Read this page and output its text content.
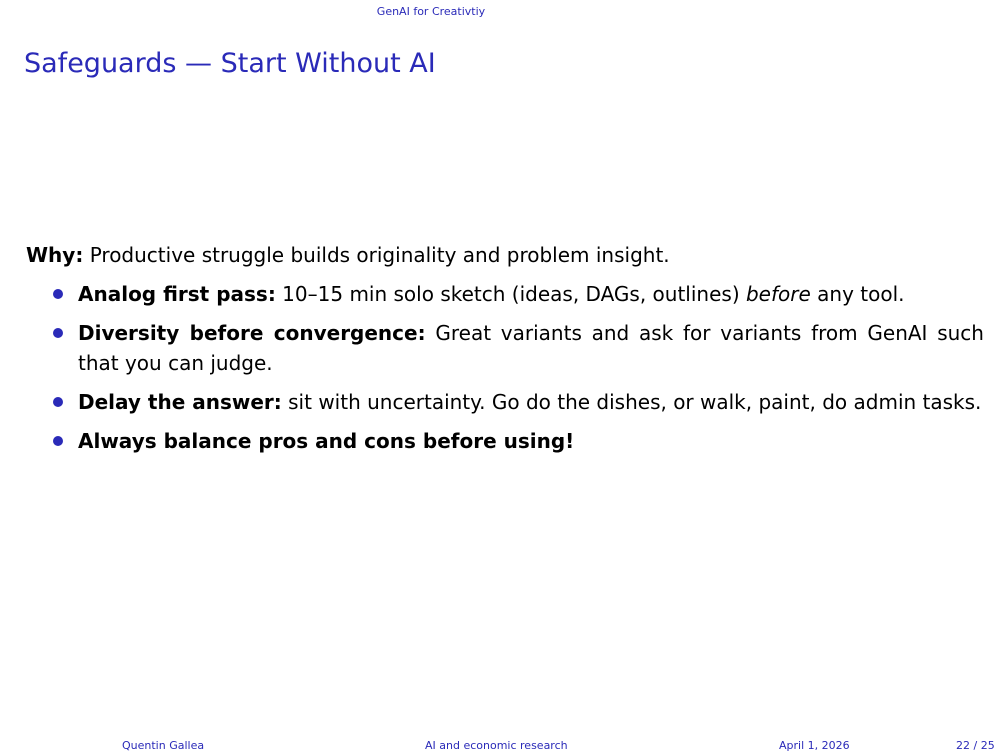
GenAI for Creativtiy
Safeguards — Start Without AI

Why: Productive struggle builds originality and problem insight.

Analog first pass: 10–15 min solo sketch (ideas, DAGs, outlines) before any tool.
Diversity before convergence: Great variants and ask for variants from GenAI such that you can judge.
Delay the answer: sit with uncertainty. Go do the dishes, or walk, paint, do admin tasks.
Always balance pros and cons before using!
Quentin Gallea	AI and economic research	April 1, 2026	22 / 25
